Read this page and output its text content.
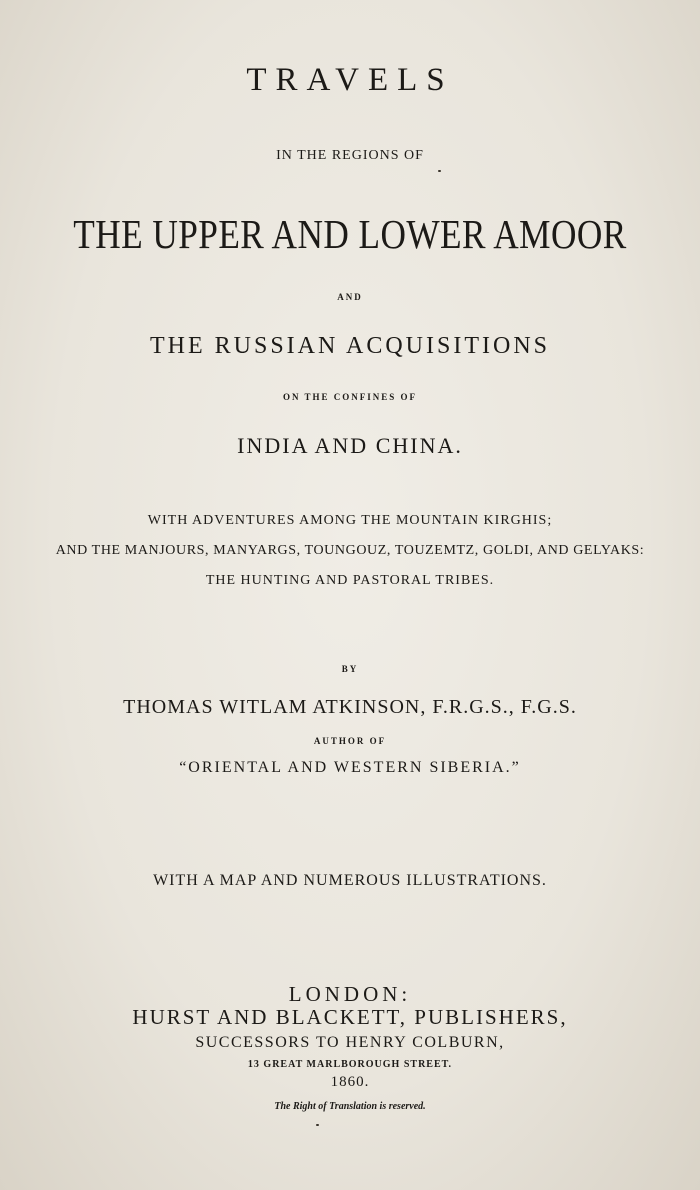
TRAVELS
IN THE REGIONS OF
THE UPPER AND LOWER AMOOR
AND
THE RUSSIAN ACQUISITIONS
ON THE CONFINES OF
INDIA AND CHINA.
WITH ADVENTURES AMONG THE MOUNTAIN KIRGHIS;
AND THE MANJOURS, MANYARGS, TOUNGOUZ, TOUZEMTZ, GOLDI, AND GELYAKS:
THE HUNTING AND PASTORAL TRIBES.
BY
THOMAS WITLAM ATKINSON, F.R.G.S., F.G.S.
AUTHOR OF
“ORIENTAL AND WESTERN SIBERIA.”
WITH A MAP AND NUMEROUS ILLUSTRATIONS.
LONDON:
HURST AND BLACKETT, PUBLISHERS,
SUCCESSORS TO HENRY COLBURN,
13 GREAT MARLBOROUGH STREET.
1860.
The Right of Translation is reserved.
